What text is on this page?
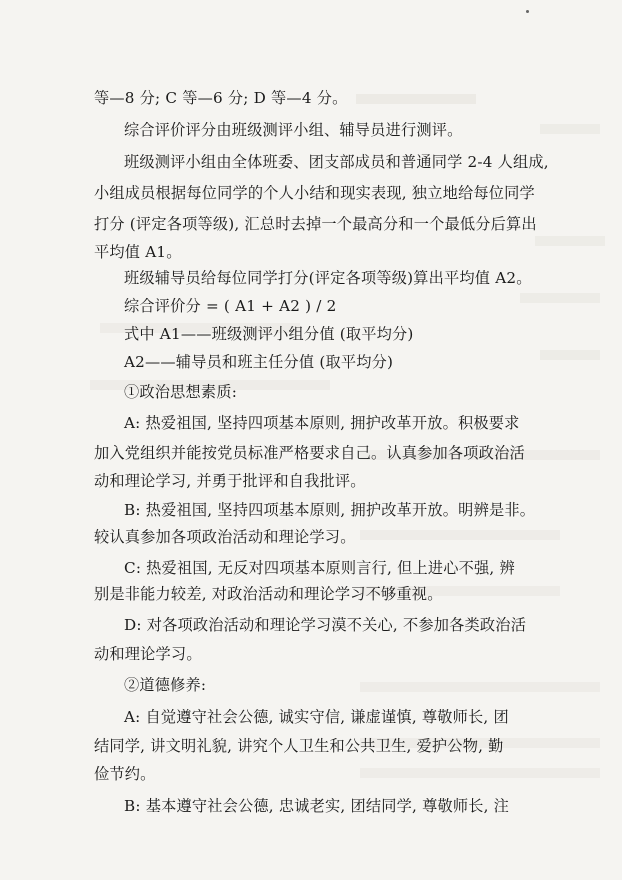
等—8 分; C 等—6 分; D 等—4 分。
综合评价评分由班级测评小组、辅导员进行测评。
班级测评小组由全体班委、团支部成员和普通同学 2-4 人组成,
小组成员根据每位同学的个人小结和现实表现, 独立地给每位同学
打分 (评定各项等级), 汇总时去掉一个最高分和一个最低分后算出
平均值 A1。
班级辅导员给每位同学打分(评定各项等级)算出平均值 A2。
综合评价分 = ( A1 + A2 ) / 2
式中 A1——班级测评小组分值 (取平均分)
A2——辅导员和班主任分值 (取平均分)
①政治思想素质:
A: 热爱祖国, 坚持四项基本原则, 拥护改革开放。积极要求
加入党组织并能按党员标准严格要求自己。认真参加各项政治活
动和理论学习, 并勇于批评和自我批评。
B: 热爱祖国, 坚持四项基本原则, 拥护改革开放。明辨是非。
较认真参加各项政治活动和理论学习。
C: 热爱祖国, 无反对四项基本原则言行, 但上进心不强, 辨
别是非能力较差, 对政治活动和理论学习不够重视。
D: 对各项政治活动和理论学习漠不关心, 不参加各类政治活
动和理论学习。
②道德修养:
A: 自觉遵守社会公德, 诚实守信, 谦虚谨慎, 尊敬师长, 团
结同学, 讲文明礼貌, 讲究个人卫生和公共卫生, 爱护公物, 勤
俭节约。
B: 基本遵守社会公德, 忠诚老实, 团结同学, 尊敬师长, 注
